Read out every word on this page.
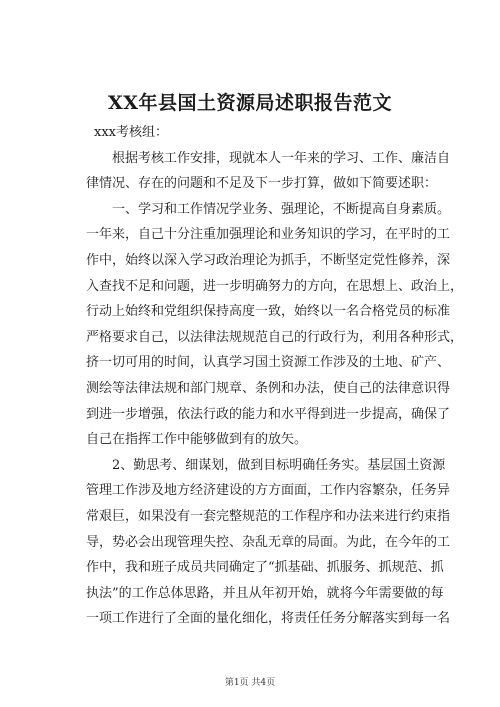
XX年县国土资源局述职报告范文
xxx考核组：
根据考核工作安排，现就本人一年来的学习、工作、廉洁自
律情况、存在的问题和不足及下一步打算，做如下简要述职：
一、学习和工作情况学业务、强理论，不断提高自身素质。
一年来，自己十分注重加强理论和业务知识的学习，在平时的工
作中，始终以深入学习政治理论为抓手，不断坚定党性修养，深
入查找不足和问题，进一步明确努力的方向，在思想上、政治上，
行动上始终和党组织保持高度一致，始终以一名合格党员的标准
严格要求自己，以法律法规规范自己的行政行为，利用各种形式，
挤一切可用的时间，认真学习国土资源工作涉及的土地、矿产、
测绘等法律法规和部门规章、条例和办法，使自己的法律意识得
到进一步增强，依法行政的能力和水平得到进一步提高，确保了
自己在指挥工作中能够做到有的放矢。
2、勤思考、细谋划，做到目标明确任务实。基层国土资源
管理工作涉及地方经济建设的方方面面，工作内容繁杂，任务异
常艰巨，如果没有一套完整规范的工作程序和办法来进行约束指
导，势必会出现管理失控、杂乱无章的局面。为此，在今年的工
作中，我和班子成员共同确定了“抓基础、抓服务、抓规范、抓
执法”的工作总体思路，并且从年初开始，就将今年需要做的每
一项工作进行了全面的量化细化，将责任任务分解落实到每一名
第1页 共4页
